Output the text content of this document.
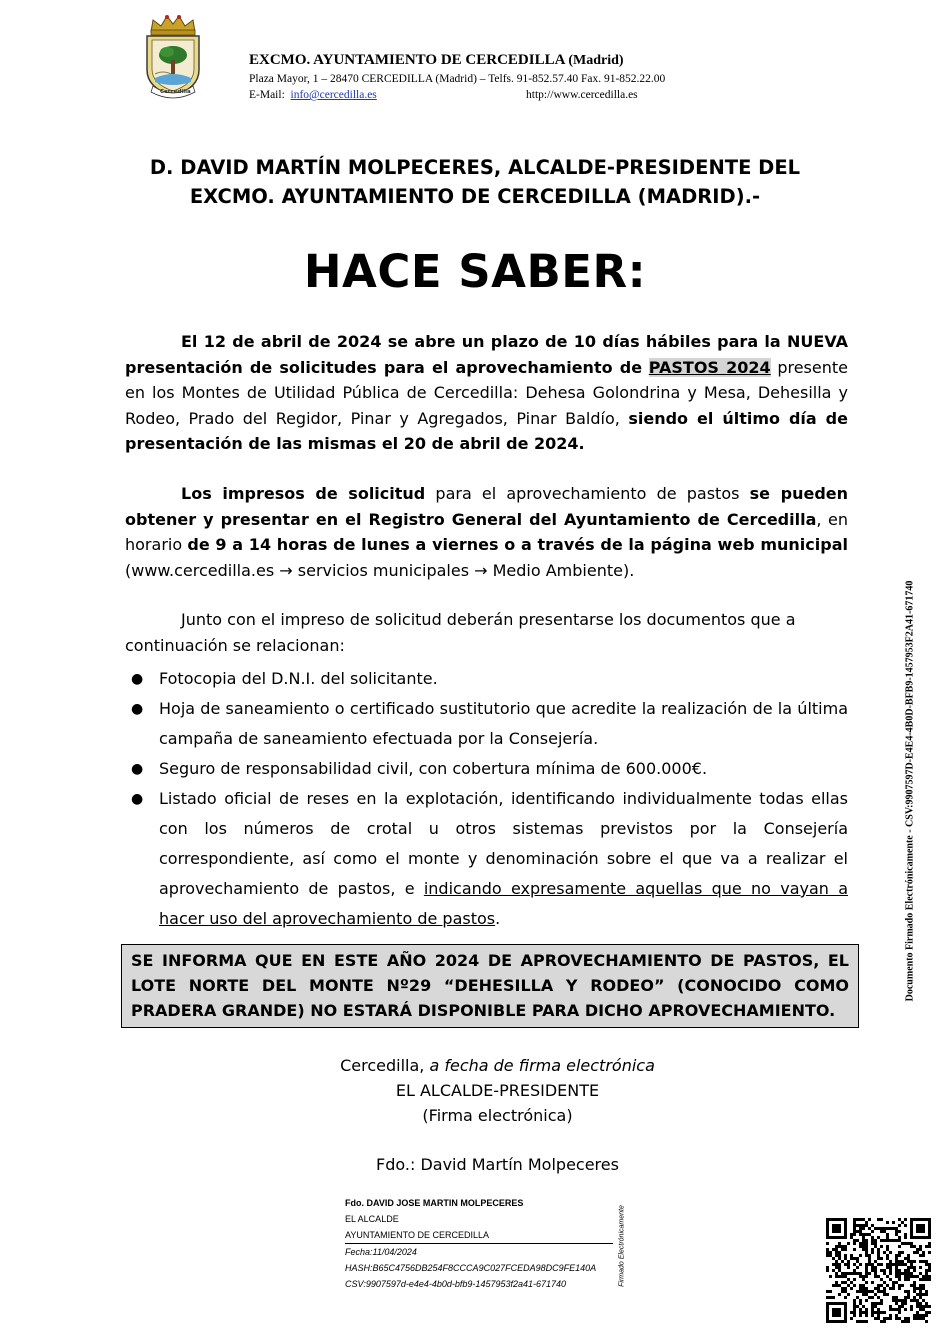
Cercedilla
EXCMO. AYUNTAMIENTO DE CERCEDILLA (Madrid)
Plaza Mayor, 1 – 28470 CERCEDILLA (Madrid) – Telfs. 91-852.57.40 Fax. 91-852.22.00
E-Mail: info@cercedilla.es	http://www.cercedilla.es
D. DAVID MARTÍN MOLPECERES, ALCALDE-PRESIDENTE DEL
EXCMO. AYUNTAMIENTO DE CERCEDILLA (MADRID).-
HACE SABER:
El 12 de abril de 2024 se abre un plazo de 10 días hábiles para la NUEVA presentación de solicitudes para el aprovechamiento de PASTOS 2024 presente en los Montes de Utilidad Pública de Cercedilla: Dehesa Golondrina y Mesa, Dehesilla y Rodeo, Prado del Regidor, Pinar y Agregados, Pinar Baldío, siendo el último día de presentación de las mismas el 20 de abril de 2024.
Los impresos de solicitud para el aprovechamiento de pastos se pueden obtener y presentar en el Registro General del Ayuntamiento de Cercedilla, en horario de 9 a 14 horas de lunes a viernes o a través de la página web municipal (www.cercedilla.es → servicios municipales → Medio Ambiente).
Junto con el impreso de solicitud deberán presentarse los documentos que a continuación se relacionan:
● Fotocopia del D.N.I. del solicitante.
● Hoja de saneamiento o certificado sustitutorio que acredite la realización de la última campaña de saneamiento efectuada por la Consejería.
● Seguro de responsabilidad civil, con cobertura mínima de 600.000€.
● Listado oficial de reses en la explotación, identificando individualmente todas ellas con los números de crotal u otros sistemas previstos por la Consejería correspondiente, así como el monte y denominación sobre el que va a realizar el aprovechamiento de pastos, e indicando expresamente aquellas que no vayan a hacer uso del aprovechamiento de pastos.
SE INFORMA QUE EN ESTE AÑO 2024 DE APROVECHAMIENTO DE PASTOS, EL LOTE NORTE DEL MONTE Nº29 “DEHESILLA Y RODEO” (CONOCIDO COMO PRADERA GRANDE) NO ESTARÁ DISPONIBLE PARA DICHO APROVECHAMIENTO.
Cercedilla, a fecha de firma electrónica
EL ALCALDE-PRESIDENTE
(Firma electrónica)
Fdo.: David Martín Molpeceres
Fdo. DAVID JOSE MARTIN MOLPECERES
EL ALCALDE
AYUNTAMIENTO DE CERCEDILLA
Fecha:11/04/2024
HASH:B65C4756DB254F8CCCA9C027FCEDA98DC9FE140A
CSV:9907597d-e4e4-4b0d-bfb9-1457953f2a41-671740	Firmado Electrónicamente
Documento Firmado Electrónicamente - CSV:9907597D-E4E4-4B0D-BFB9-1457953F2A41-671740
